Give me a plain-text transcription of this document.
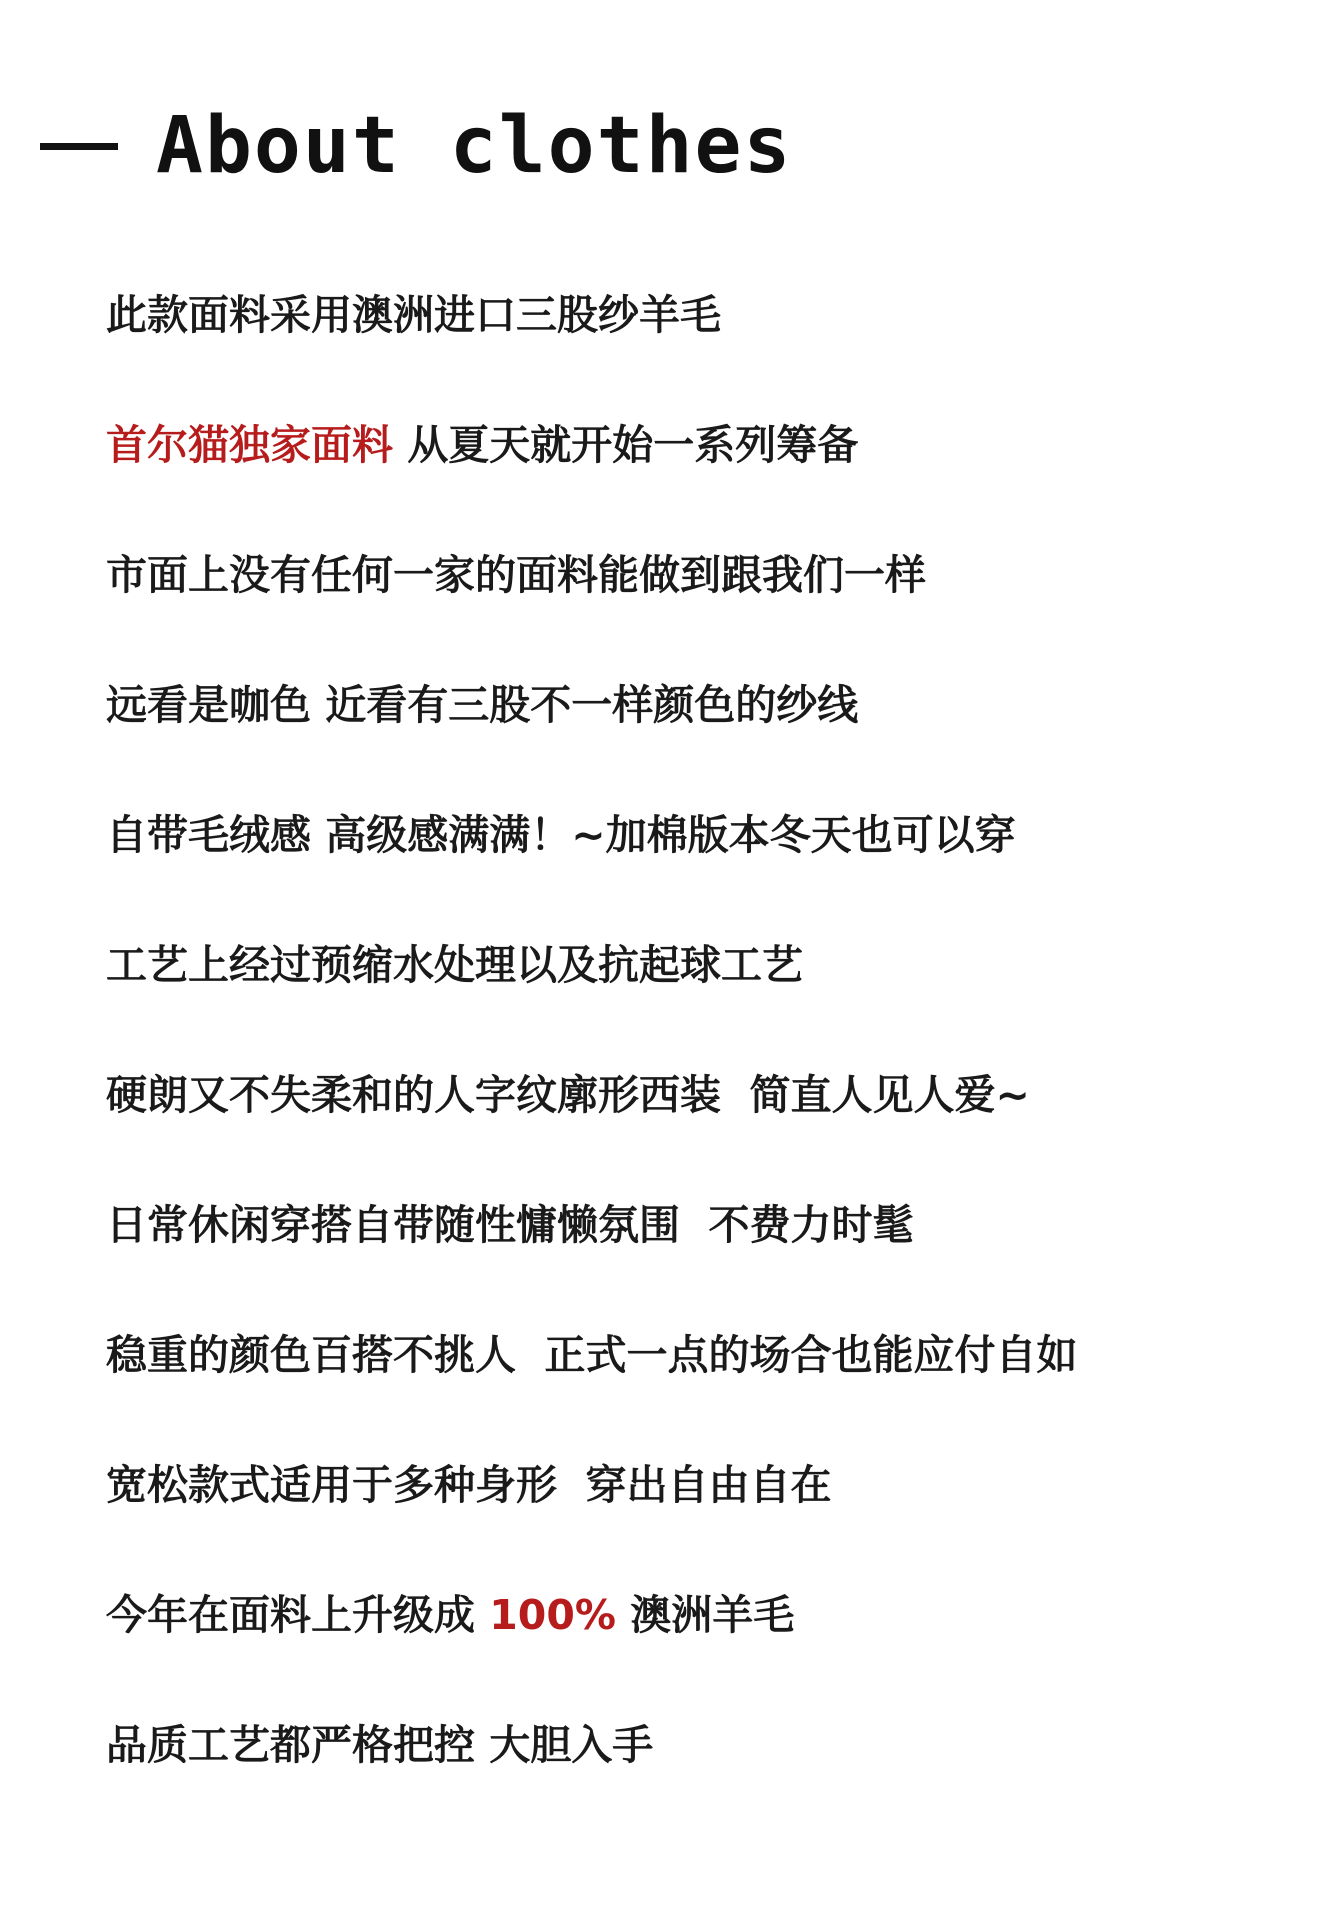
About clothes
此款面料采用澳洲进口三股纱羊毛
首尔猫独家面料 从夏天就开始一系列筹备
市面上没有任何一家的面料能做到跟我们一样
远看是咖色 近看有三股不一样颜色的纱线
自带毛绒感 高级感满满！~加棉版本冬天也可以穿
工艺上经过预缩水处理以及抗起球工艺
硬朗又不失柔和的人字纹廓形西装  简直人见人爱~
日常休闲穿搭自带随性慵懒氛围  不费力时髦
稳重的颜色百搭不挑人  正式一点的场合也能应付自如
宽松款式适用于多种身形  穿出自由自在
今年在面料上升级成 100% 澳洲羊毛
品质工艺都严格把控 大胆入手
